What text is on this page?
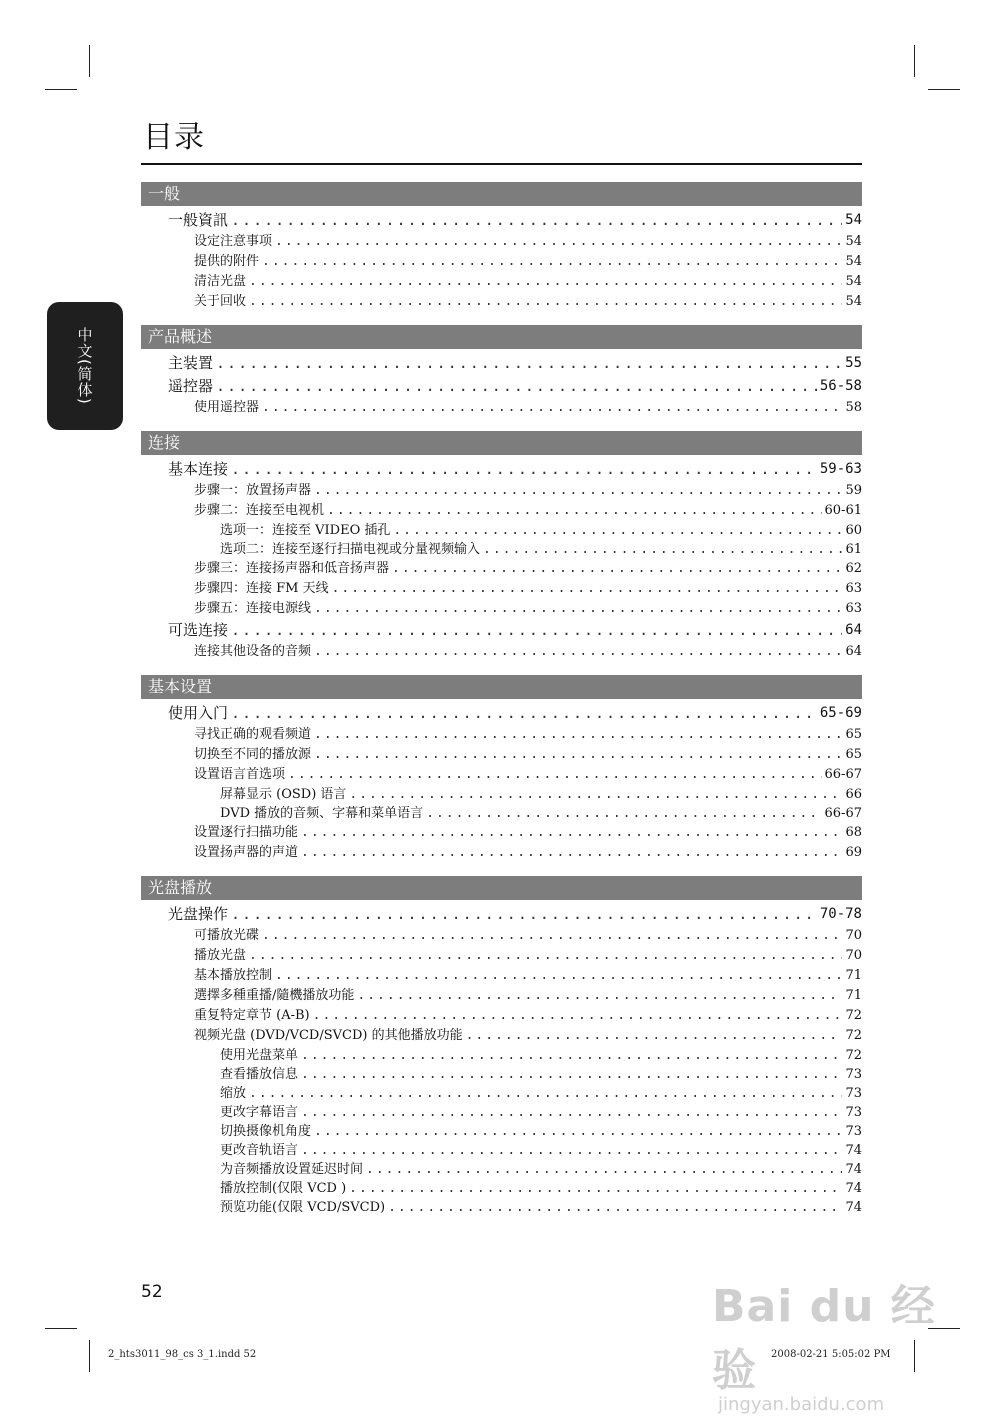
目录
中文(简体)
一般
一般資訊 .....	54
设定注意事项 .....	54
提供的附件 .....	54
清洁光盘 .....	54
关于回收 .....	54
产品概述
主装置 .....	55
遥控器 .....	56-58
使用遥控器 .....	58
连接
基本连接 .....	59-63
步骤一：放置扬声器 .....	59
步骤二：连接至电视机 .....	60-61
选项一：连接至 VIDEO 插孔 .....	60
选项二：连接至逐行扫描电视或分量视频输入 .....	61
步骤三：连接扬声器和低音扬声器 .....	62
步骤四：连接 FM 天线 .....	63
步骤五：连接电源线 .....	63
可选连接 .....	64
连接其他设备的音频 .....	64
基本设置
使用入门 .....	65-69
寻找正确的观看频道 .....	65
切换至不同的播放源 .....	65
设置语言首选项 .....	66-67
屏幕显示 (OSD) 语言 .....	66
DVD 播放的音频、字幕和菜单语言 .....	66-67
设置逐行扫描功能 .....	68
设置扬声器的声道 .....	69
光盘播放
光盘操作 .....	70-78
可播放光碟 .....	70
播放光盘 .....	70
基本播放控制 .....	71
選擇多種重播/隨機播放功能 .....	71
重复特定章节 (A-B) .....	72
视频光盘 (DVD/VCD/SVCD) 的其他播放功能 .....	72
使用光盘菜单 .....	72
查看播放信息 .....	73
缩放 .....	73
更改字幕语言 .....	73
切换摄像机角度 .....	73
更改音轨语言 .....	74
为音频播放设置延迟时间 .....	74
播放控制(仅限 VCD ) .....	74
预览功能(仅限 VCD/SVCD) .....	74
52
2_hts3011_98_cs 3_1.indd 52	2008-02-21 5:05:02 PM
Bai du 经验
jingyan.baidu.com
